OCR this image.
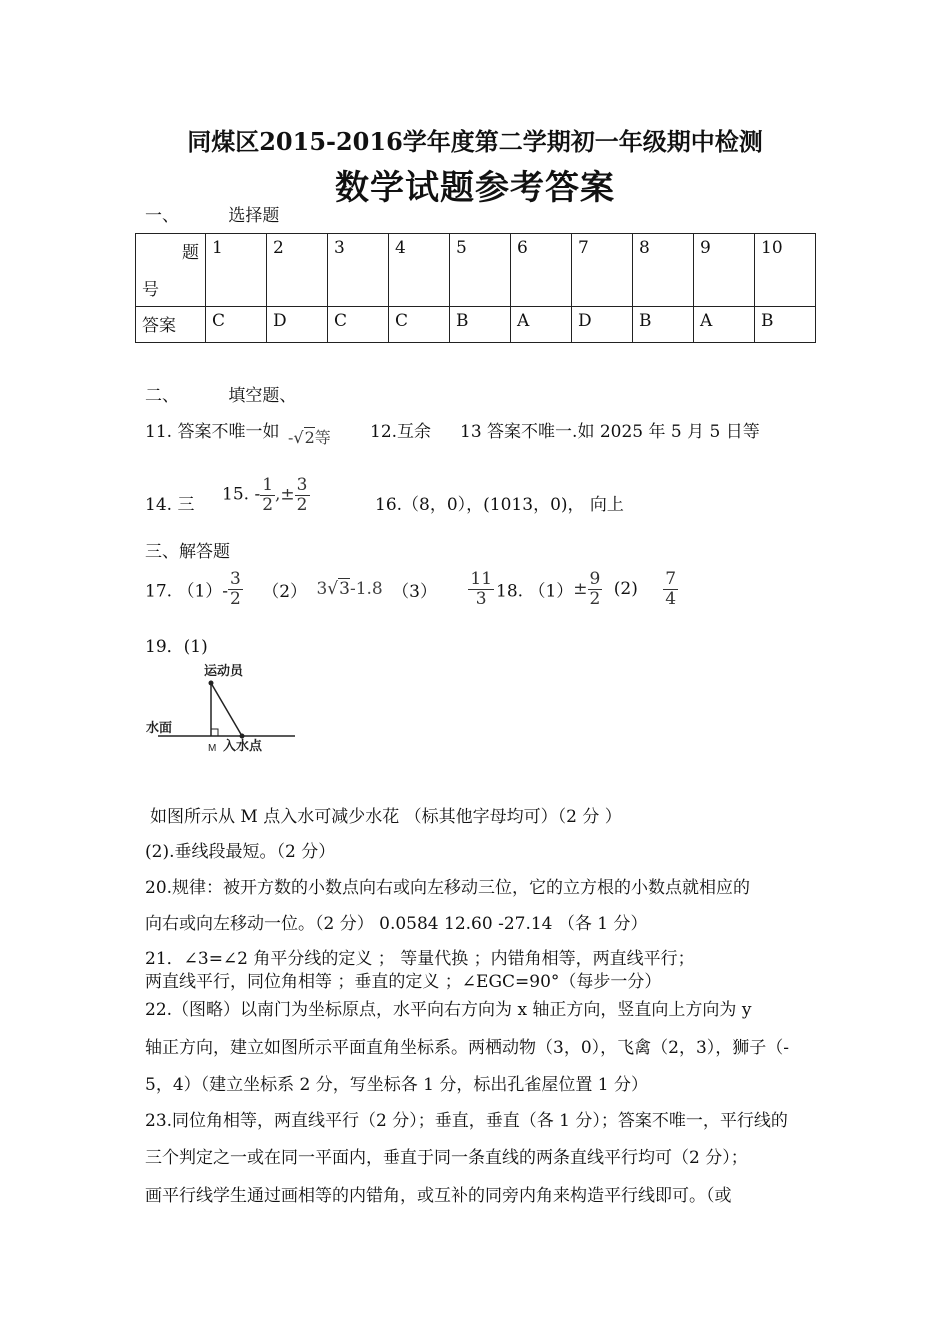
同煤区2015-2016学年度第二学期初一年级期中检测
数学试题参考答案
一、	选择题
题
号	1	2	3	4	5	6	7	8	9	10
答案	C	D	C	C	B	A	D	B	A	B
二、	填空题、
11. 答案不唯一如 -√2等 12.互余 13 答案不唯一.如 2025 年 5 月 5 日等
14. 三
15. - $\frac{1}{2}$ ,± $\frac{3}{2}$	16.（8，0），(1013，0)， 向上
三、解答题
17. $(1)- \frac{3}{2} (2)$ 3√3-1.8 $(3) \frac{11}{3} 18$. $(1)\pm \frac{9}{2} (2) \frac{7}{4}$
19．(1)
运动员
水面
M 入水点
如图所示从 M 点入水可减少水花 （标其他字母均可）（2 分 ）
(2).垂线段最短。（2 分）
20.规律：被开方数的小数点向右或向左移动三位，它的立方根的小数点就相应的
向右或向左移动一位。（2 分） 0.0584 12.60 -27.14 （各 1 分）
21．∠3=∠2 角平分线的定义 ； 等量代换 ；内错角相等，两直线平行；
两直线平行，同位角相等 ；垂直的定义 ；∠EGC=90°（每步一分）
22.（图略）以南门为坐标原点，水平向右方向为 x 轴正方向，竖直向上方向为 y
轴正方向，建立如图所示平面直角坐标系。两栖动物（3，0），飞禽（2，3），狮子（-
5，4）（建立坐标系 2 分，写坐标各 1 分，标出孔雀屋位置 1 分）
23.同位角相等，两直线平行（2 分）；垂直，垂直（各 1 分）；答案不唯一，平行线的
三个判定之一或在同一平面内，垂直于同一条直线的两条直线平行均可（2 分）；
画平行线学生通过画相等的内错角，或互补的同旁内角来构造平行线即可。（或
